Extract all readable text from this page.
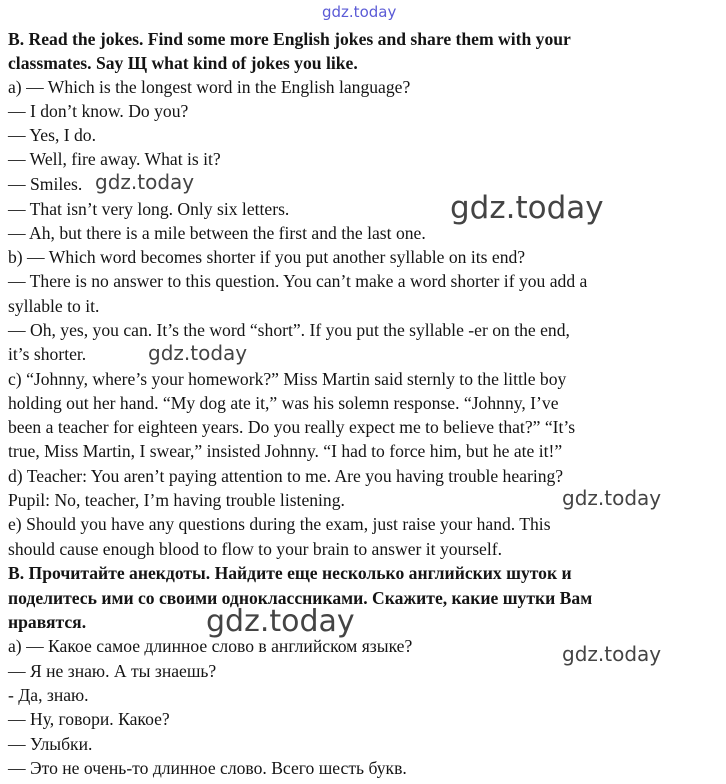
gdz.today
B. Read the jokes. Find some more English jokes and share them with your
classmates. Say Щ what kind of jokes you like.
a) — Which is the longest word in the English language?
— I don’t know. Do you?
— Yes, I do.
— Well, fire away. What is it?
— Smiles.
— That isn’t very long. Only six letters.
— Ah, but there is a mile between the first and the last one.
b) — Which word becomes shorter if you put another syllable on its end?
— There is no answer to this question. You can’t make a word shorter if you add a
syllable to it.
— Oh, yes, you can. It’s the word “short”. If you put the syllable -er on the end,
it’s shorter.
c) “Johnny, where’s your homework?” Miss Martin said sternly to the little boy
holding out her hand. “My dog ate it,” was his solemn response. “Johnny, I’ve
been a teacher for eighteen years. Do you really expect me to believe that?” “It’s
true, Miss Martin, I swear,” insisted Johnny. “I had to force him, but he ate it!”
d) Teacher: You aren’t paying attention to me. Are you having trouble hearing?
Pupil: No, teacher, I’m having trouble listening.
e) Should you have any questions during the exam, just raise your hand. This
should cause enough blood to flow to your brain to answer it yourself.
В. Прочитайте анекдоты. Найдите еще несколько английских шуток и
поделитесь ими со своими одноклассниками. Скажите, какие шутки Вам
нравятся.
а) — Какое самое длинное слово в английском языке?
— Я не знаю. А ты знаешь?
- Да, знаю.
— Ну, говори. Какое?
— Улыбки.
— Это не очень-то длинное слово. Всего шесть букв.
gdz.today
gdz.today
gdz.today
gdz.today
gdz.today
gdz.today
